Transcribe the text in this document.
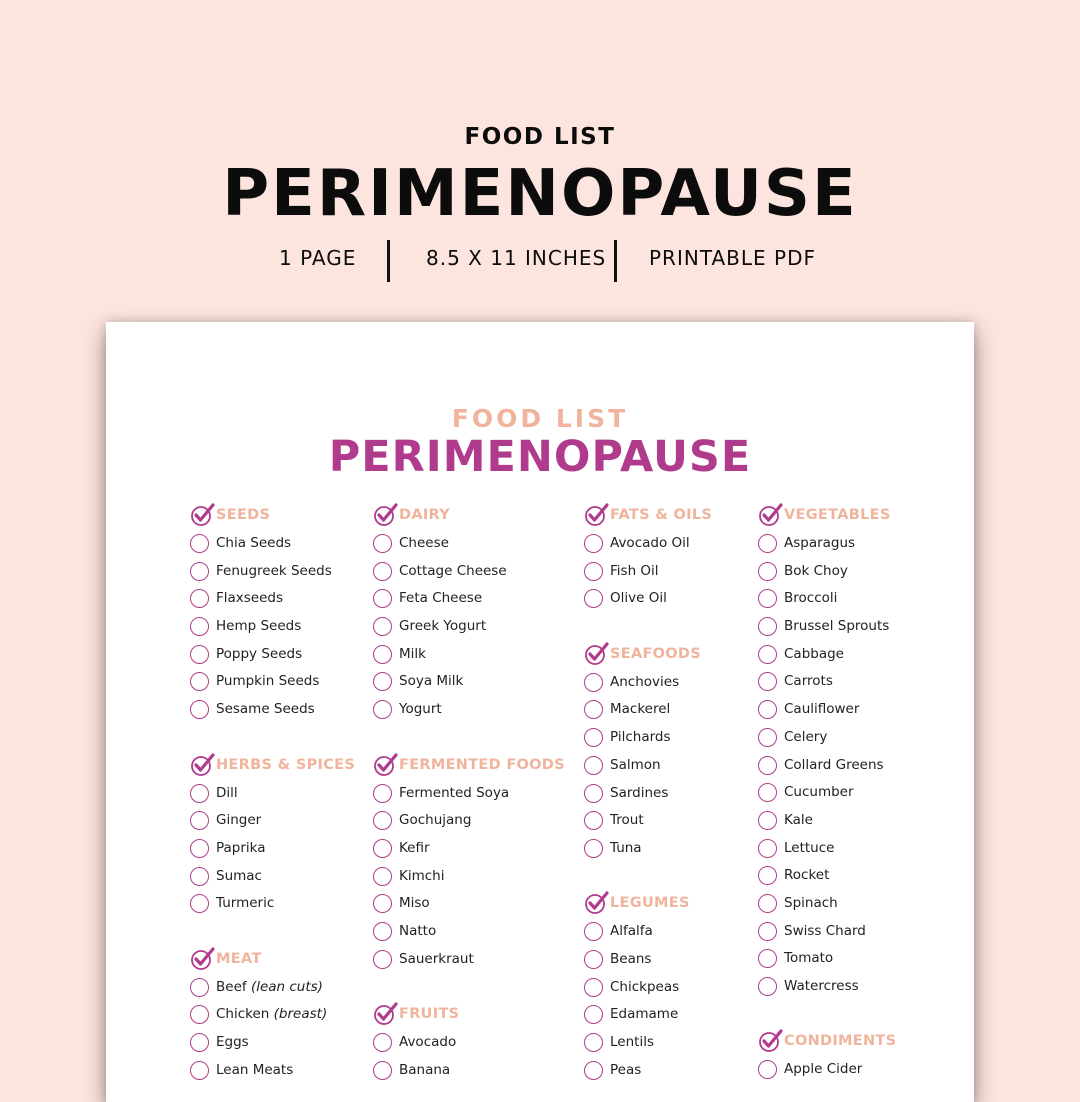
FOOD LIST
PERIMENOPAUSE
1 PAGE	8.5 X 11 INCHES PRINTABLE PDF
FOOD LIST
PERIMENOPAUSE
SEEDS
Chia Seeds
Fenugreek Seeds
Flaxseeds
Hemp Seeds
Poppy Seeds
Pumpkin Seeds
Sesame Seeds
HERBS & SPICES
Dill
Ginger
Paprika
Sumac
Turmeric
MEAT
Beef (lean cuts)
Chicken (breast)
Eggs
Lean Meats
DAIRY
Cheese
Cottage Cheese
Feta Cheese
Greek Yogurt
Milk
Soya Milk
Yogurt
FERMENTED FOODS
Fermented Soya
Gochujang
Kefir
Kimchi
Miso
Natto
Sauerkraut
FRUITS
Avocado
Banana
FATS & OILS
Avocado Oil
Fish Oil
Olive Oil
SEAFOODS
Anchovies
Mackerel
Pilchards
Salmon
Sardines
Trout
Tuna
LEGUMES
Alfalfa
Beans
Chickpeas
Edamame
Lentils
Peas
VEGETABLES
Asparagus
Bok Choy
Broccoli
Brussel Sprouts
Cabbage
Carrots
Cauliflower
Celery
Collard Greens
Cucumber
Kale
Lettuce
Rocket
Spinach
Swiss Chard
Tomato
Watercress
CONDIMENTS
Apple Cider
